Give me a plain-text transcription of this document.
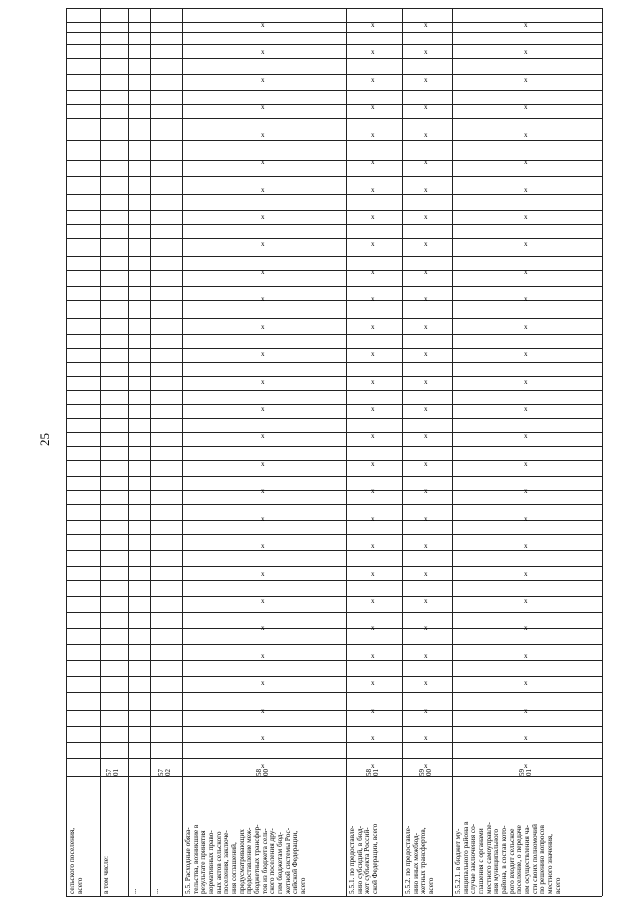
25
сельского поселения,
всего в том числе:
57
01
...	...
57
02
5.5. Расходные обяза-
тельства, возникшие в
результате принятия
нормативных право-
вых актов сельского
поселения, заключе-
ния соглашений,
предусматривающих
предоставление меж-
бюджетных трансфер-
тов из бюджета сель-
ского поселения дру-
гим бюджетам бюд-
жетной системы Рос-
сийской Федерации,
всего
58
00
x
x
x
x
x
x
x
x
x
x
x
x
x
x
x
x
x
x
x
x
x
x
x
x
x
x
x
x
5.5.1. по предоставле-
нию субсидий, в бюд-
жет субъекта Россий-
ской Федерации, всего
58
01
x
x
x
x
x
x
x
x
x
x
x
x
x
x
x
x
x
x
x
x
x
x
x
x
x
x
x
x
5.5.2. по предоставле-
нию иных межбюд-
жетных трансфертов,
всего
59
00
x
x
x
x
x
x
x
x
x
x
x
x
x
x
x
x
x
x
x
x
x
x
x
x
x
x
x
x
5.5.2.1. в бюджет му-
ниципального района в
случае заключения со-
глашения с органами
местного самоуправле-
ния муниципального
района, в состав кото-
рого входит сельское
поселение, о передаче
им осуществления ча-
сти своих полномочий
по решению вопросов
местного значения,
всего
59
01
x
x
x
x
x
x
x
x
x
x
x
x
x
x
x
x
x
x
x
x
x
x
x
x
x
x
x
x
